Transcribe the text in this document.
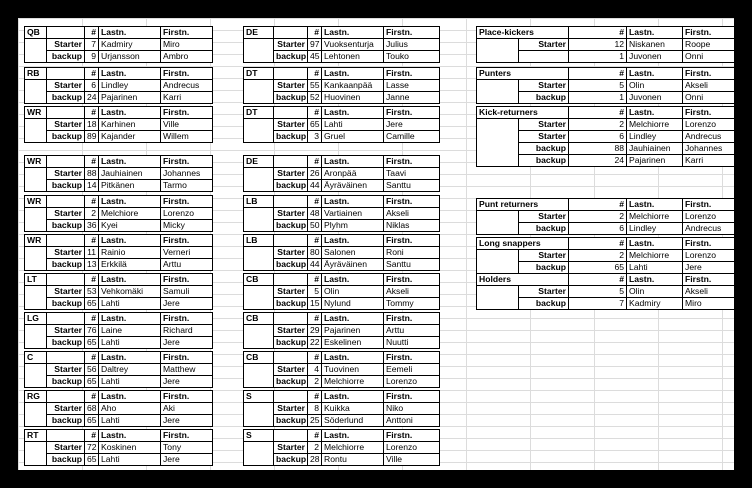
QB		#	Lastn.	Firstn.
	Starter	7	Kadmiry	Miro
	backup	9	Urjansson	Ambro
RB		#	Lastn.	Firstn.
	Starter	6	Lindley	Andrecus
	backup	24	Pajarinen	Karri
WR		#	Lastn.	Firstn.
	Starter	18	Karhinen	Ville
	backup	89	Kajander	Willem
WR		#	Lastn.	Firstn.
	Starter	88	Jauhiainen	Johannes
	backup	14	Pitkänen	Tarmo
WR		#	Lastn.	Firstn.
	Starter	2	Melchiore	Lorenzo
	backup	36	Kyei	Micky
WR		#	Lastn.	Firstn.
	Starter	11	Rainio	Verneri
	backup	13	Erkkilä	Arttu
LT		#	Lastn.	Firstn.
	Starter	53	Vehkomäki	Samuli
	backup	65	Lahti	Jere
LG		#	Lastn.	Firstn.
	Starter	76	Laine	Richard
	backup	65	Lahti	Jere
C		#	Lastn.	Firstn.
	Starter	56	Daltrey	Matthew
	backup	65	Lahti	Jere
RG		#	Lastn.	Firstn.
	Starter	68	Aho	Aki
	backup	65	Lahti	Jere
RT		#	Lastn.	Firstn.
	Starter	72	Koskinen	Tony
	backup	65	Lahti	Jere
DE		#	Lastn.	Firstn.
	Starter	97	Vuoksenturja	Julius
	backup	45	Lehtonen	Touko
DT		#	Lastn.	Firstn.
	Starter	55	Kankaanpää	Lasse
	backup	52	Huovinen	Janne
DT		#	Lastn.	Firstn.
	Starter	65	Lahti	Jere
	backup	3	Gruel	Camille
DE		#	Lastn.	Firstn.
	Starter	26	Aronpää	Taavi
	backup	44	Äyräväinen	Santtu
LB		#	Lastn.	Firstn.
	Starter	48	Vartiainen	Akseli
	backup	50	Plyhm	Niklas
LB		#	Lastn.	Firstn.
	Starter	80	Salonen	Roni
	backup	44	Äyräväinen	Santtu
CB		#	Lastn.	Firstn.
	Starter	5	Olin	Akseli
	backup	15	Nylund	Tommy
CB		#	Lastn.	Firstn.
	Starter	29	Pajarinen	Arttu
	backup	22	Eskelinen	Nuutti
CB		#	Lastn.	Firstn.
	Starter	4	Tuovinen	Eemeli
	backup	2	Melchiorre	Lorenzo
S		#	Lastn.	Firstn.
	Starter	8	Kuikka	Niko
	backup	25	Söderlund	Anttoni
S		#	Lastn.	Firstn.
	Starter	2	Melchiorre	Lorenzo
	backup	28	Rontu	Ville
Place-kickers		#	Lastn.	Firstn.
	Starter	12	Niskanen	Roope
		1	Juvonen	Onni
Punters		#	Lastn.	Firstn.
	Starter	5	Olin	Akseli
	backup	1	Juvonen	Onni
Kick-returners		#	Lastn.	Firstn.
	Starter	2	Melchiorre	Lorenzo
	Starter	6	Lindley	Andrecus
	backup	88	Jauhiainen	Johannes
	backup	24	Pajarinen	Karri
Punt returners		#	Lastn.	Firstn.
	Starter	2	Melchiorre	Lorenzo
	backup	6	Lindley	Andrecus
Long snappers		#	Lastn.	Firstn.
	Starter	2	Melchiorre	Lorenzo
	backup	65	Lahti	Jere
Holders		#	Lastn.	Firstn.
	Starter	5	Olin	Akseli
	backup	7	Kadmiry	Miro
